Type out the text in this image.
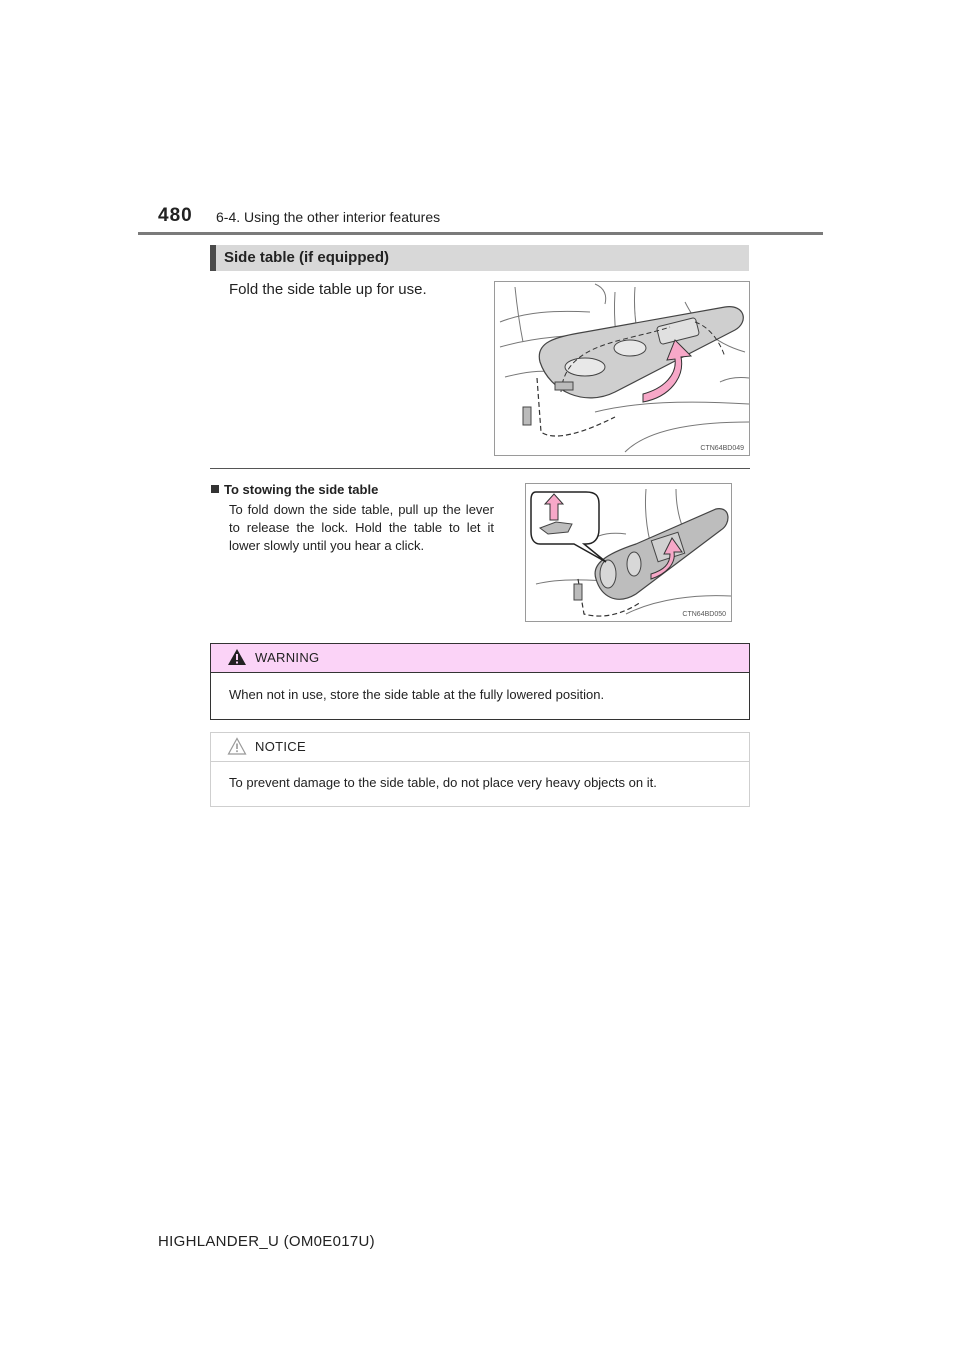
480 6-4. Using the other interior features
Side table (if equipped)
Fold the side table up for use.
CTN64BD049
To stowing the side table
To fold down the side table, pull up the lever to release the lock. Hold the table to let it lower slowly until you hear a click.
CTN64BD050
WARNING
When not in use, store the side table at the fully lowered position.
NOTICE
To prevent damage to the side table, do not place very heavy objects on it.
HIGHLANDER_U (OM0E017U)
